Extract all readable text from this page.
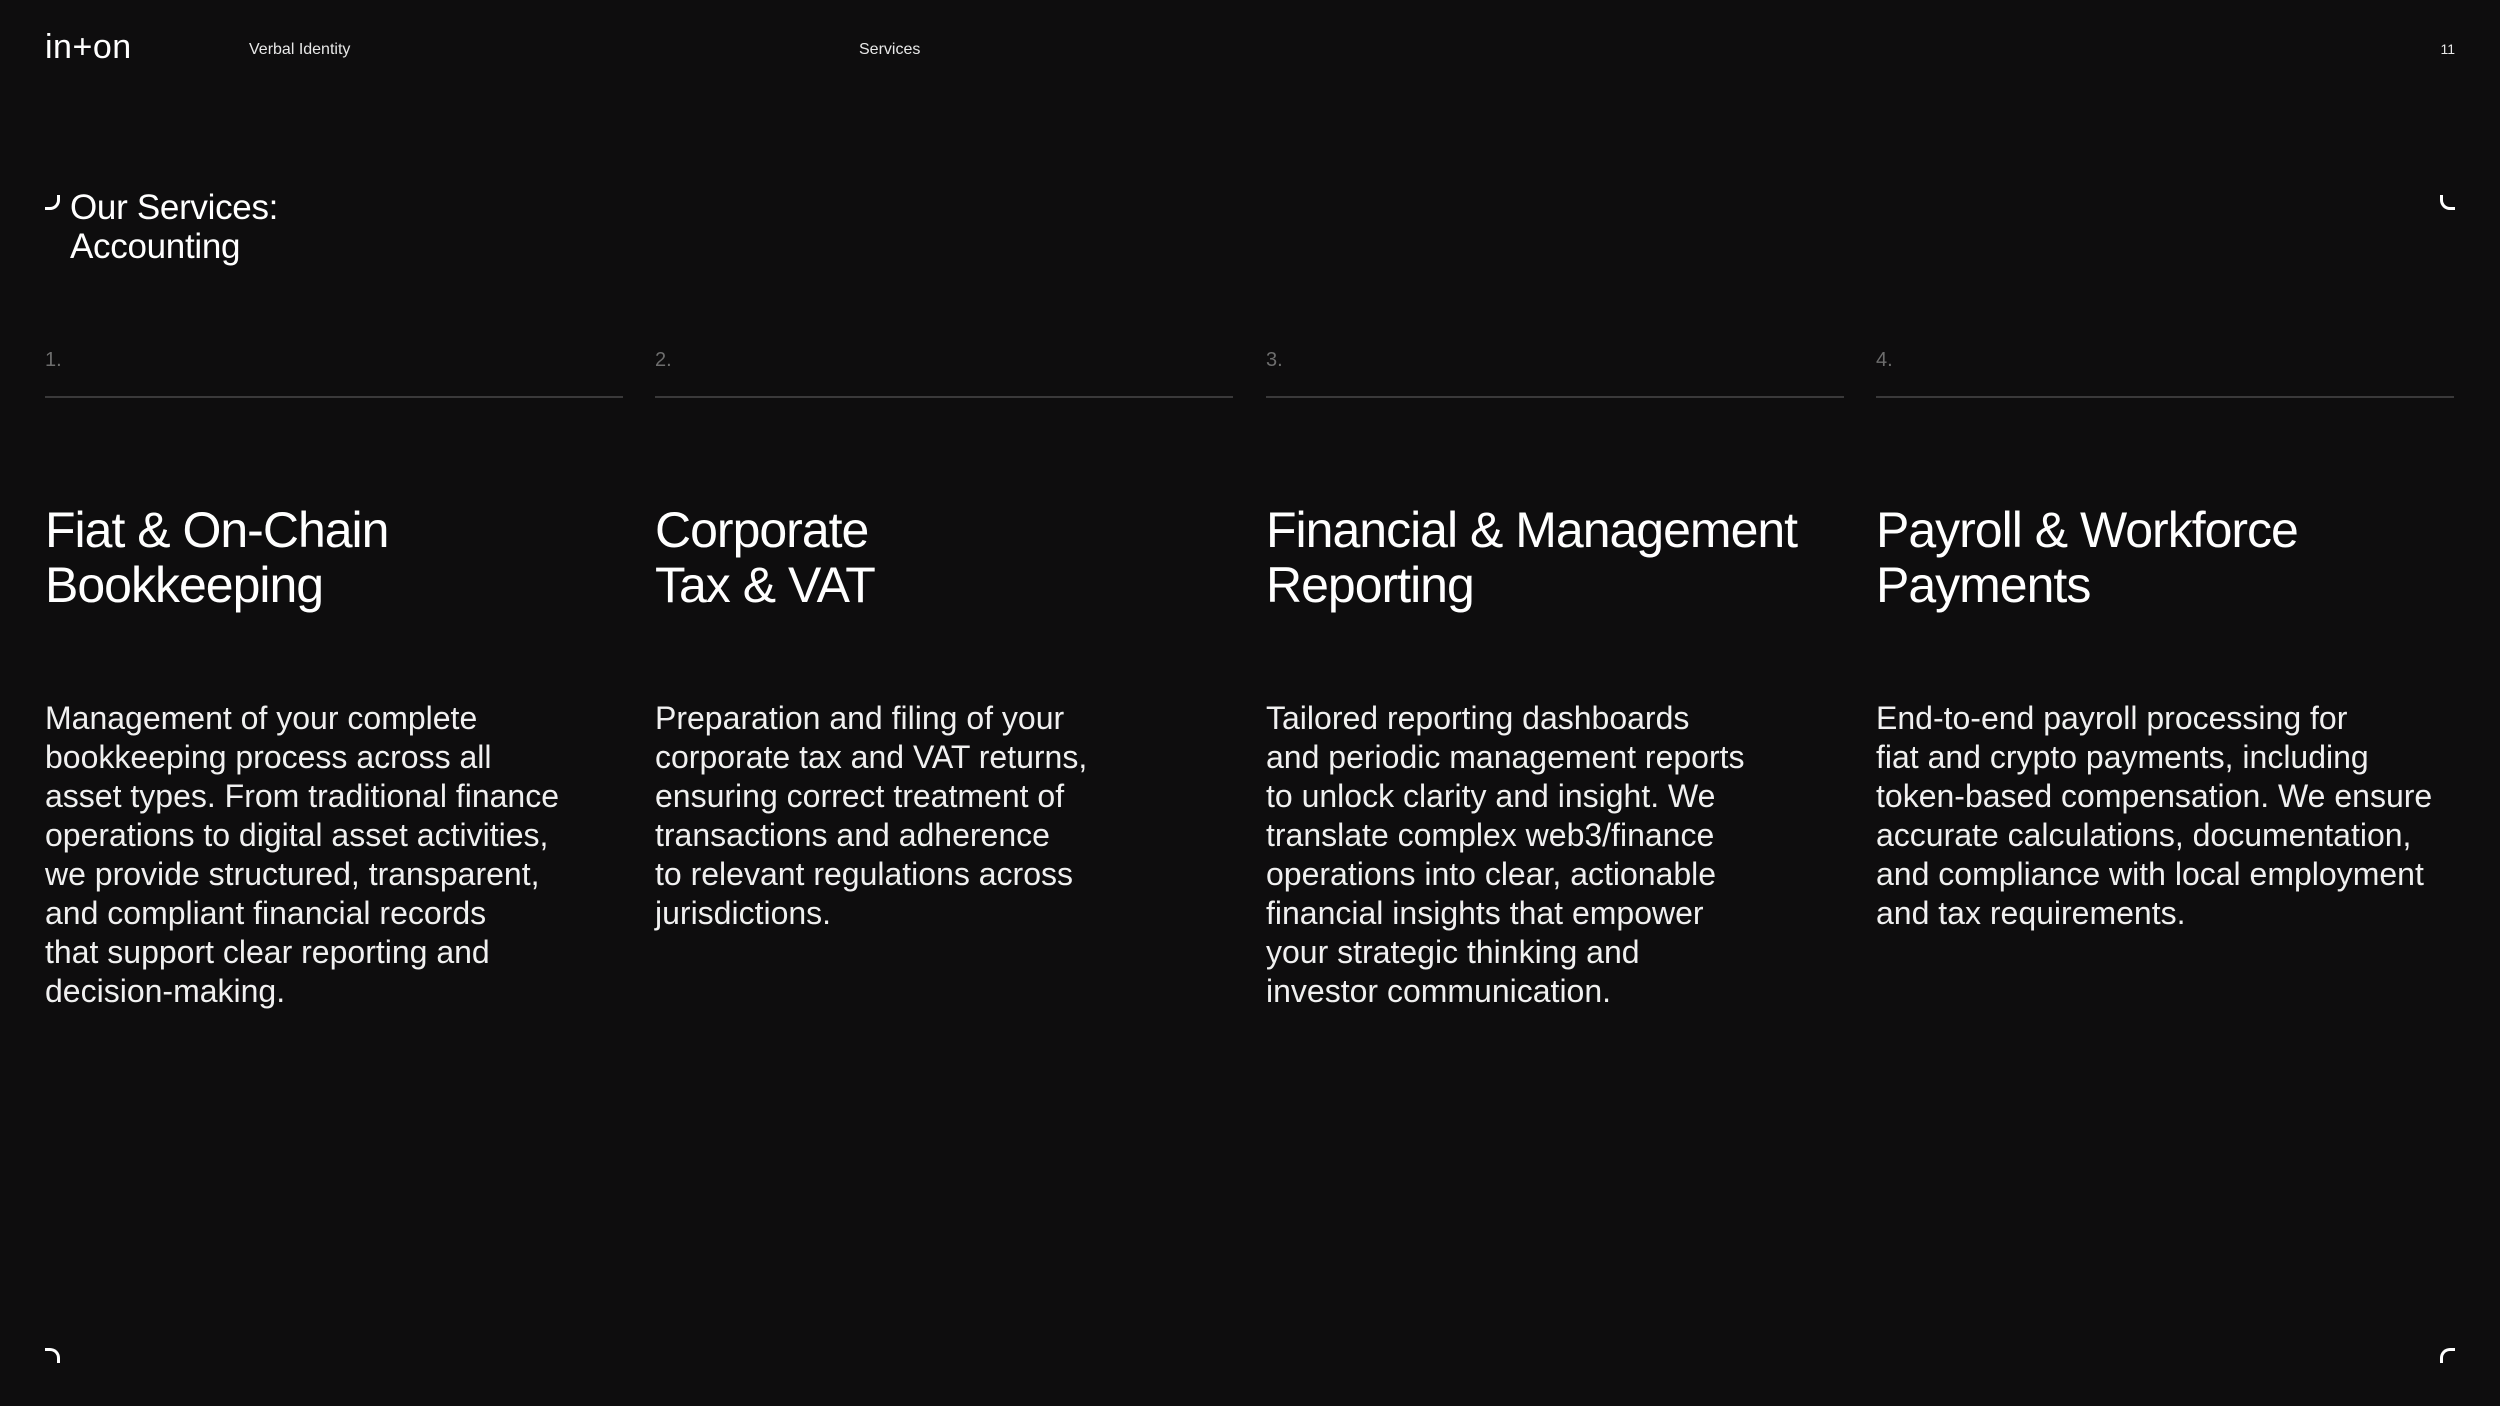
in+on	Verbal Identity	Services	11
Our Services:
Accounting
1.
Fiat & On-Chain
Bookkeeping
Management of your complete
bookkeeping process across all
asset types. From traditional finance
operations to digital asset activities,
we provide structured, transparent,
and compliant financial records
that support clear reporting and
decision-making.
2.
Corporate
Tax & VAT
Preparation and filing of your
corporate tax and VAT returns,
ensuring correct treatment of
transactions and adherence
to relevant regulations across
jurisdictions.
3.
Financial & Management
Reporting
Tailored reporting dashboards
and periodic management reports
to unlock clarity and insight. We
translate complex web3/finance
operations into clear, actionable
financial insights that empower
your strategic thinking and
investor communication.
4.
Payroll & Workforce
Payments
End-to-end payroll processing for
fiat and crypto payments, including
token-based compensation. We ensure
accurate calculations, documentation,
and compliance with local employment
and tax requirements.
